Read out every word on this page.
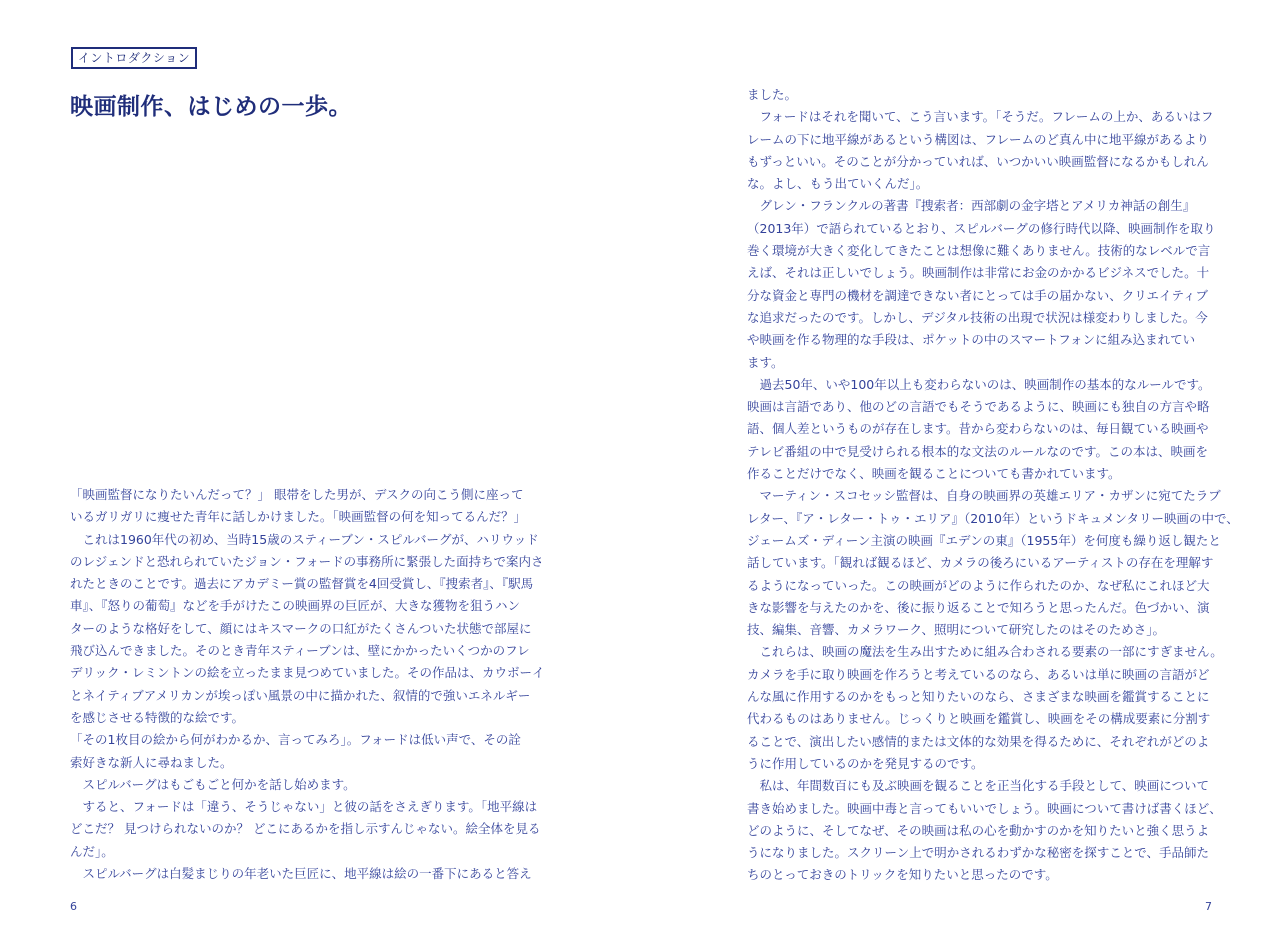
イントロダクション
映画制作、はじめの一歩。

「映画監督になりたいんだって？」 眼帯をした男が、デスクの向こう側に座って

いるガリガリに痩せた青年に話しかけました。「映画監督の何を知ってるんだ？」

　これは1960年代の初め、当時15歳のスティーブン・スピルバーグが、ハリウッド

のレジェンドと恐れられていたジョン・フォードの事務所に緊張した面持ちで案内さ

れたときのことです。過去にアカデミー賞の監督賞を4回受賞し、『捜索者』、『駅馬

車』、『怒りの葡萄』などを手がけたこの映画界の巨匠が、大きな獲物を狙うハン

ターのような格好をして、顔にはキスマークの口紅がたくさんついた状態で部屋に

飛び込んできました。そのとき青年スティーブンは、壁にかかったいくつかのフレ

デリック・レミントンの絵を立ったまま見つめていました。その作品は、カウボーイ

とネイティブアメリカンが埃っぽい風景の中に描かれた、叙情的で強いエネルギー

を感じさせる特徴的な絵です。

「その1枚目の絵から何がわかるか、言ってみろ」。フォードは低い声で、その詮

索好きな新人に尋ねました。

　スピルバーグはもごもごと何かを話し始めます。

　すると、フォードは「違う、そうじゃない」と彼の話をさえぎります。「地平線は

どこだ？ 見つけられないのか？ どこにあるかを指し示すんじゃない。絵全体を見る

んだ」。

　スピルバーグは白髪まじりの年老いた巨匠に、地平線は絵の一番下にあると答え

6

ました。

　フォードはそれを聞いて、こう言います。「そうだ。フレームの上か、あるいはフ

レームの下に地平線があるという構図は、フレームのど真ん中に地平線があるより

もずっといい。そのことが分かっていれば、いつかいい映画監督になるかもしれん

な。よし、もう出ていくんだ」。

　グレン・フランクルの著書『捜索者：西部劇の金字塔とアメリカ神話の創生』

（2013年）で語られているとおり、スピルバーグの修行時代以降、映画制作を取り

巻く環境が大きく変化してきたことは想像に難くありません。技術的なレベルで言

えば、それは正しいでしょう。映画制作は非常にお金のかかるビジネスでした。十

分な資金と専門の機材を調達できない者にとっては手の届かない、クリエイティブ

な追求だったのです。しかし、デジタル技術の出現で状況は様変わりしました。今

や映画を作る物理的な手段は、ポケットの中のスマートフォンに組み込まれてい

ます。

　過去50年、いや100年以上も変わらないのは、映画制作の基本的なルールです。

映画は言語であり、他のどの言語でもそうであるように、映画にも独自の方言や略

語、個人差というものが存在します。昔から変わらないのは、毎日観ている映画や

テレビ番組の中で見受けられる根本的な文法のルールなのです。この本は、映画を

作ることだけでなく、映画を観ることについても書かれています。

　マーティン・スコセッシ監督は、自身の映画界の英雄エリア・カザンに宛てたラブ

レター、『ア・レター・トゥ・エリア』（2010年）というドキュメンタリー映画の中で、

ジェームズ・ディーン主演の映画『エデンの東』（1955年）を何度も繰り返し観たと

話しています。「観れば観るほど、カメラの後ろにいるアーティストの存在を理解す

るようになっていった。この映画がどのように作られたのか、なぜ私にこれほど大

きな影響を与えたのかを、後に振り返ることで知ろうと思ったんだ。色づかい、演

技、編集、音響、カメラワーク、照明について研究したのはそのためさ」。

　これらは、映画の魔法を生み出すために組み合わされる要素の一部にすぎません。

カメラを手に取り映画を作ろうと考えているのなら、あるいは単に映画の言語がど

んな風に作用するのかをもっと知りたいのなら、さまざまな映画を鑑賞することに

代わるものはありません。じっくりと映画を鑑賞し、映画をその構成要素に分割す

ることで、演出したい感情的または文体的な効果を得るために、それぞれがどのよ

うに作用しているのかを発見するのです。

　私は、年間数百にも及ぶ映画を観ることを正当化する手段として、映画について

書き始めました。映画中毒と言ってもいいでしょう。映画について書けば書くほど、

どのように、そしてなぜ、その映画は私の心を動かすのかを知りたいと強く思うよ

うになりました。スクリーン上で明かされるわずかな秘密を探すことで、手品師た

ちのとっておきのトリックを知りたいと思ったのです。

7
